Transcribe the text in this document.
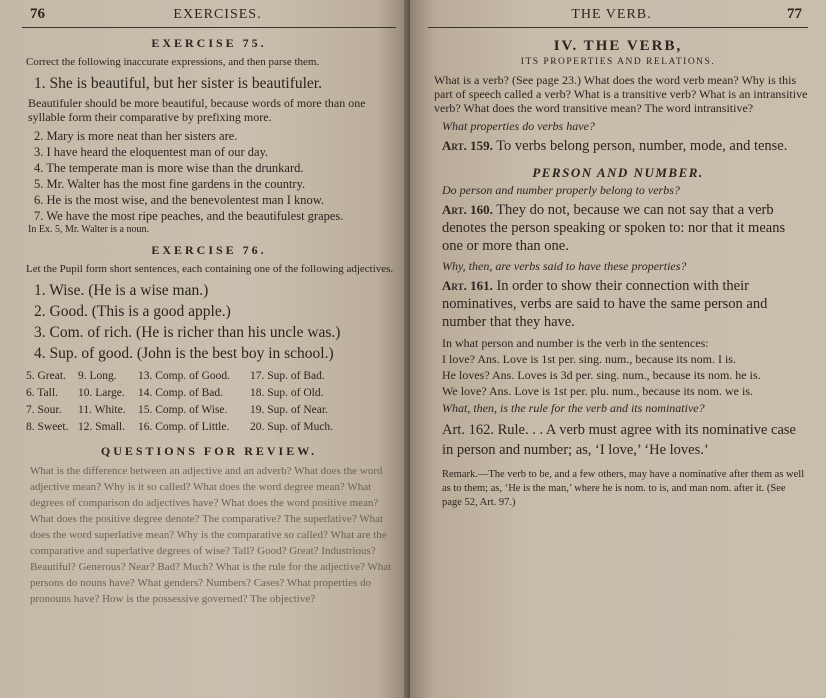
76	EXERCISES.
EXERCISE 75.
Correct the following inaccurate expressions, and then parse them.
1. She is beautiful, but her sister is beautifuler.
Beautifuler should be more beautiful, because words of more than one syllable form their comparative by prefixing more.
2. Mary is more neat than her sisters are.
3. I have heard the eloquentest man of our day.
4. The temperate man is more wise than the drunkard.
5. Mr. Walter has the most fine gardens in the country.
6. He is the most wise, and the benevolentest man I know.
7. We have the most ripe peaches, and the beautifulest grapes.
In Ex. 5, Mr. Walter is a noun.
EXERCISE 76.
Let the Pupil form short sentences, each containing one of the following adjectives.
1. Wise. (He is a wise man.)
2. Good. (This is a good apple.)
3. Com. of rich. (He is richer than his uncle was.)
4. Sup. of good. (John is the best boy in school.)
5. Great.	9. Long.	13. Comp. of Good.	17. Sup. of Bad.
6. Tall.	10. Large.	14. Comp. of Bad.	18. Sup. of Old.
7. Sour.	11. White.	15. Comp. of Wise.	19. Sup. of Near.
8. Sweet. 12. Small.	16. Comp. of Little.	20. Sup. of Much.
QUESTIONS FOR REVIEW.
What is the difference between an adjective and an adverb? What does the word adjective mean? Why is it so called? What does the word degree mean? What degrees of comparison do adjectives have? What does the word positive mean? What does the positive degree denote? The comparative? The superlative? What does the word superlative mean? Why is the comparative so called? What are the comparative and superlative degrees of wise? Tall? Good? Great? Industrious? Beautiful? Generous? Near? Bad? Much? What is the rule for the adjective? What persons do nouns have? What genders? Numbers? Cases? What properties do pronouns have? How is the possessive governed? The objective?
THE VERB.	77
IV. THE VERB,
ITS PROPERTIES AND RELATIONS.
What is a verb? (See page 23.) What does the word verb mean? Why is this part of speech called a verb? What is a transitive verb? What is an intransitive verb? What does the word transitive mean? The word intransitive?
What properties do verbs have?
Art. 159. To verbs belong person, number, mode, and tense.
PERSON AND NUMBER.
Do person and number properly belong to verbs?
Art. 160. They do not, because we can not say that a verb denotes the person speaking or spoken to: nor that it means one or more than one.
Why, then, are verbs said to have these properties?
Art. 161. In order to show their connection with their nominatives, verbs are said to have the same person and number that they have.
In what person and number is the verb in the sentences:
I love? Ans. Love is 1st per. sing. num., because its nom. I is.
He loves? Ans. Loves is 3d per. sing. num., because its nom. he is.
We love? Ans. Love is 1st per. plu. num., because its nom. we is.
What, then, is the rule for the verb and its nominative?
Art. 162. Rule. . . A verb must agree with its nominative case in person and number; as, ‘I love,’ ‘He loves.’
Remark.—The verb to be, and a few others, may have a nominative after them as well as to them; as, ‘He is the man,’ where he is nom. to is, and man nom. after it. (See page 52, Art. 97.)
